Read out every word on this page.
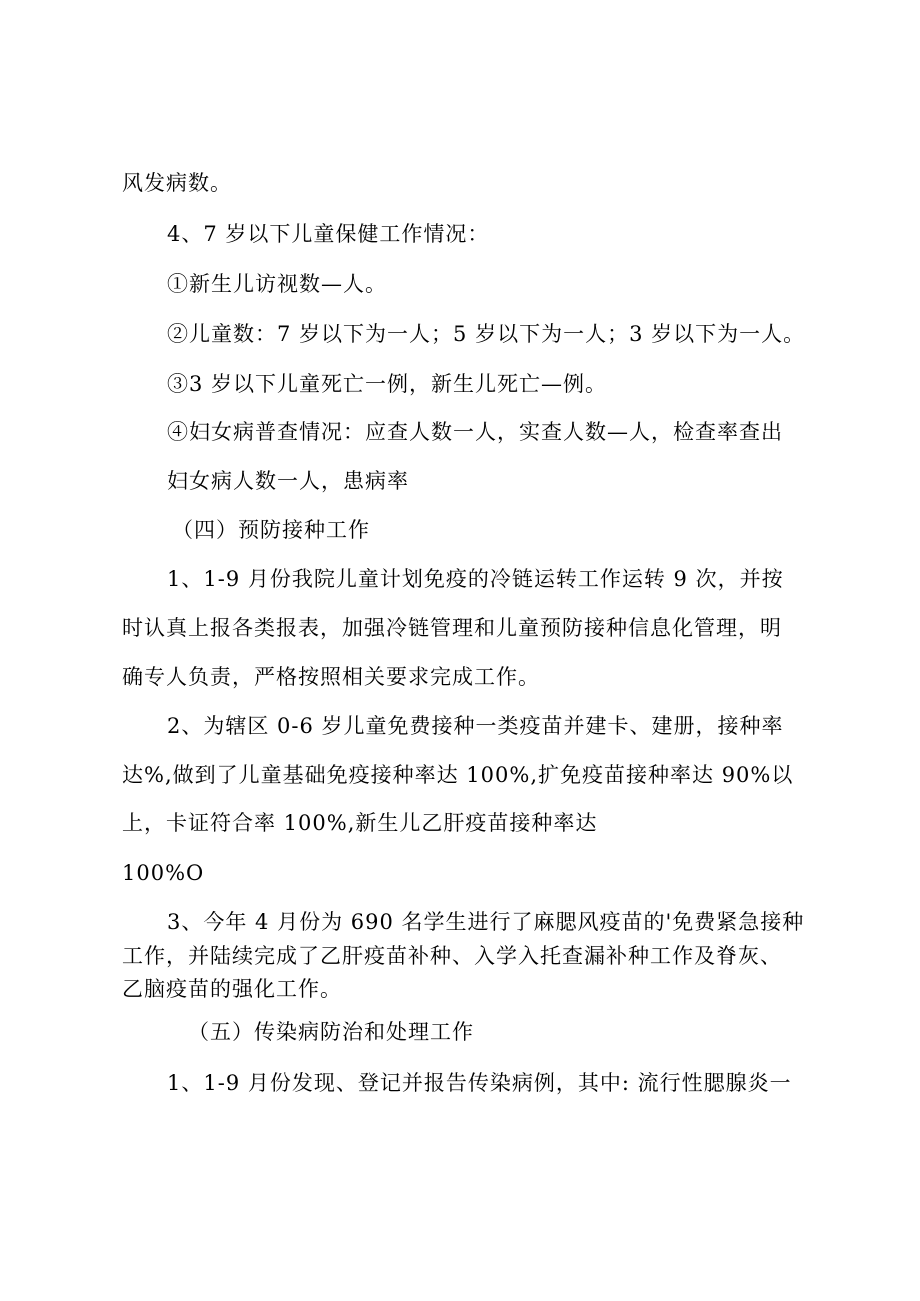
风发病数。
4、7 岁以下儿童保健工作情况：
①新生儿访视数—人。
②儿童数：7 岁以下为一人；5 岁以下为一人；3 岁以下为一人。
③3 岁以下儿童死亡一例，新生儿死亡—例。
④妇女病普查情况：应查人数一人，实查人数—人，检查率查出
妇女病人数一人，患病率
（四）预防接种工作
1、1-9 月份我院儿童计划免疫的冷链运转工作运转 9 次，并按
时认真上报各类报表，加强冷链管理和儿童预防接种信息化管理，明
确专人负责，严格按照相关要求完成工作。
2、为辖区 0-6 岁儿童免费接种一类疫苗并建卡、建册，接种率
达%,做到了儿童基础免疫接种率达 100%,扩免疫苗接种率达 90%以
上，卡证符合率 100%,新生儿乙肝疫苗接种率达
100%O
3、今年 4 月份为 690 名学生进行了麻腮风疫苗的'免费紧急接种
工作，并陆续完成了乙肝疫苗补种、入学入托查漏补种工作及脊灰、
乙脑疫苗的强化工作。
（五）传染病防治和处理工作
1、1-9 月份发现、登记并报告传染病例，其中: 流行性腮腺炎一
